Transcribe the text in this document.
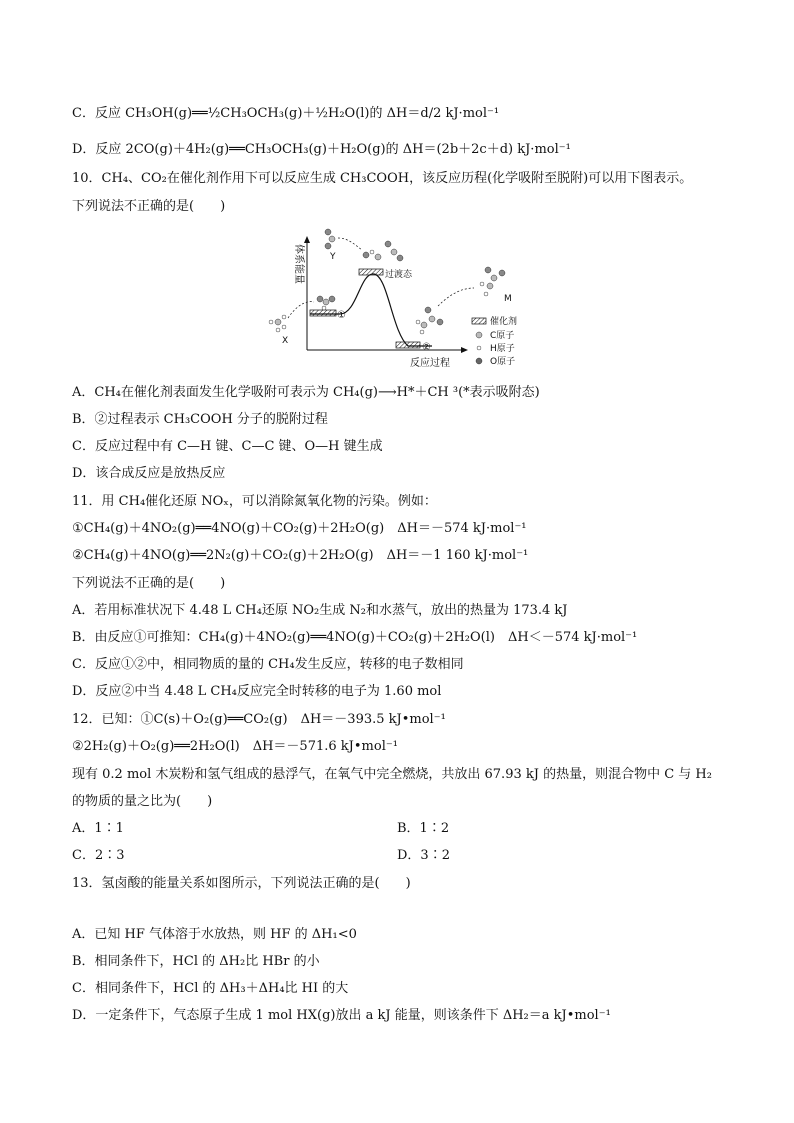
C．反应 CH₃OH(g)══½CH₃OCH₃(g)＋½H₂O(l)的 ΔH＝d/2 kJ·mol⁻¹
D．反应 2CO(g)＋4H₂(g)══CH₃OCH₃(g)＋H₂O(g)的 ΔH＝(2b＋2c＋d) kJ·mol⁻¹
10．CH₄、CO₂在催化剂作用下可以反应生成 CH₃COOH，该反应历程(化学吸附至脱附)可以用下图表示。
下列说法不正确的是(　　)
体系能量
反应过程
①
②
过渡态
Y
X
M
催化剂
C原子
H原子
O原子
A．CH₄在催化剂表面发生化学吸附可表示为 CH₄(g)⟶H*＋CH ³(*表示吸附态)
B．②过程表示 CH₃COOH 分子的脱附过程
C．反应过程中有 C—H 键、C—C 键、O—H 键生成
D．该合成反应是放热反应
11．用 CH₄催化还原 NOₓ，可以消除氮氧化物的污染。例如：
①CH₄(g)＋4NO₂(g)══4NO(g)＋CO₂(g)＋2H₂O(g)　ΔH＝－574 kJ·mol⁻¹
②CH₄(g)＋4NO(g)══2N₂(g)＋CO₂(g)＋2H₂O(g)　ΔH＝－1 160 kJ·mol⁻¹
下列说法不正确的是(　　)
A．若用标准状况下 4.48 L CH₄还原 NO₂生成 N₂和水蒸气，放出的热量为 173.4 kJ
B．由反应①可推知：CH₄(g)＋4NO₂(g)══4NO(g)＋CO₂(g)＋2H₂O(l)　ΔH＜－574 kJ·mol⁻¹
C．反应①②中，相同物质的量的 CH₄发生反应，转移的电子数相同
D．反应②中当 4.48 L CH₄反应完全时转移的电子为 1.60 mol
12．已知：①C(s)＋O₂(g)══CO₂(g)　ΔH＝－393.5 kJ•mol⁻¹
②2H₂(g)＋O₂(g)══2H₂O(l)　ΔH＝－571.6 kJ•mol⁻¹
现有 0.2 mol 木炭粉和氢气组成的悬浮气，在氧气中完全燃烧，共放出 67.93 kJ 的热量，则混合物中 C 与 H₂
的物质的量之比为(　　)
A．1∶1	B．1∶2
C．2∶3	D．3∶2
13．氢卤酸的能量关系如图所示，下列说法正确的是(　　)
A．已知 HF 气体溶于水放热，则 HF 的 ΔH₁<0
B．相同条件下，HCl 的 ΔH₂比 HBr 的小
C．相同条件下，HCl 的 ΔH₃＋ΔH₄比 HI 的大
D．一定条件下，气态原子生成 1 mol HX(g)放出 a kJ 能量，则该条件下 ΔH₂＝a kJ•mol⁻¹
